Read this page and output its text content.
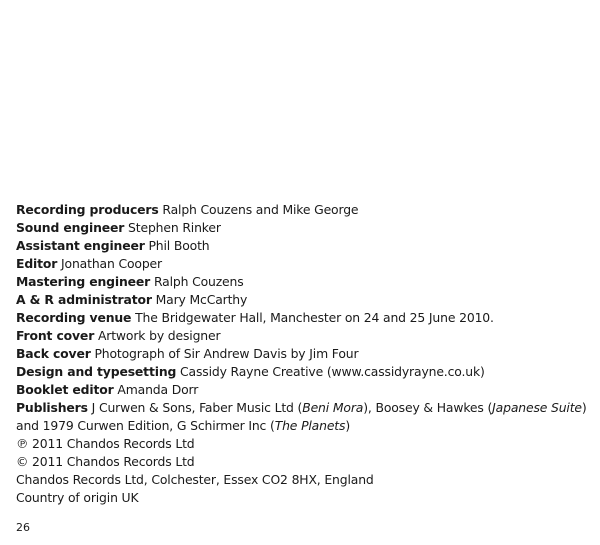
Recording producers Ralph Couzens and Mike George
Sound engineer Stephen Rinker
Assistant engineer Phil Booth
Editor Jonathan Cooper
Mastering engineer Ralph Couzens
A & R administrator Mary McCarthy
Recording venue The Bridgewater Hall, Manchester on 24 and 25 June 2010.
Front cover Artwork by designer
Back cover Photograph of Sir Andrew Davis by Jim Four
Design and typesetting Cassidy Rayne Creative (www.cassidyrayne.co.uk)
Booklet editor Amanda Dorr
Publishers J Curwen & Sons, Faber Music Ltd (Beni Mora), Boosey & Hawkes (Japanese Suite) and 1979 Curwen Edition, G Schirmer Inc (The Planets)
℗ 2011 Chandos Records Ltd
© 2011 Chandos Records Ltd
Chandos Records Ltd, Colchester, Essex CO2 8HX, England
Country of origin UK
26
